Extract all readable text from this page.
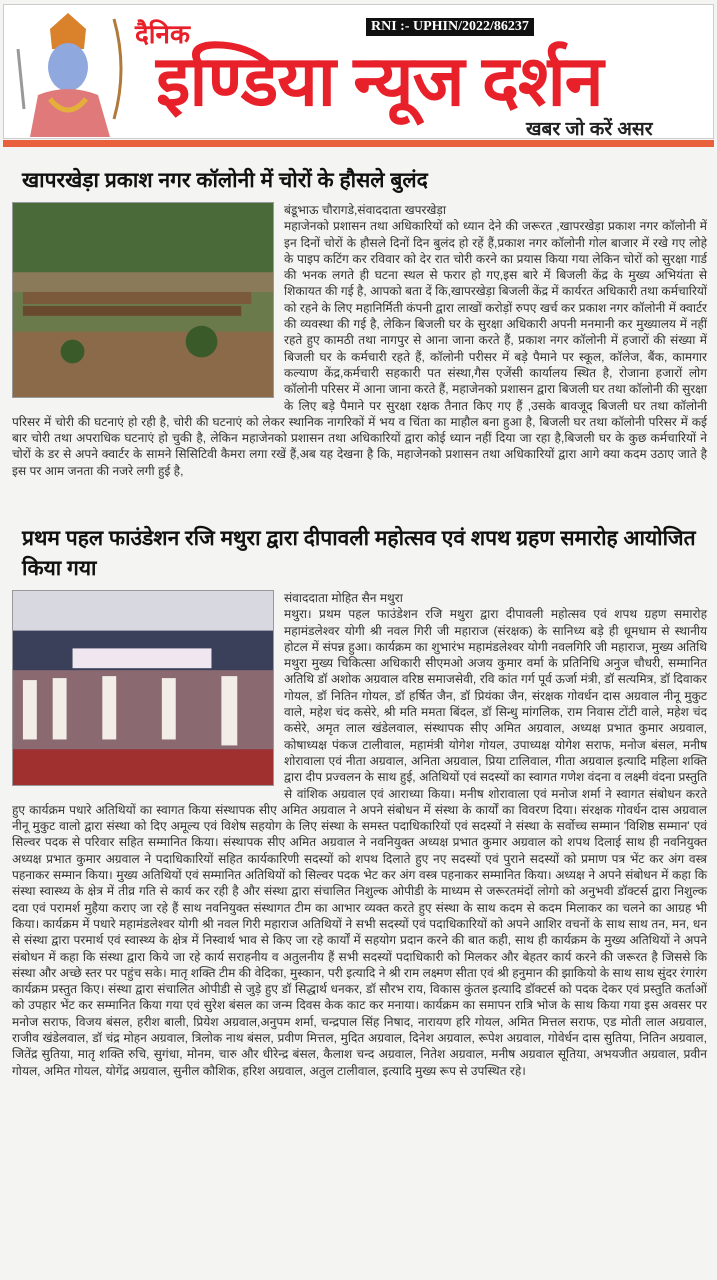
दैनिक	RNI :- UPHIN/2022/86237
इण्डिया न्यूज दर्शन
खबर जो करें असर
खापरखेड़ा प्रकाश नगर कॉलोनी में चोरों के हौसले बुलंद

बंडूभाऊ चौरागडे,संवाददाता खपरखेड़ा
महाजेनको प्रशासन तथा अधिकारियों को ध्यान देने की जरूरत ,खापरखेड़ा प्रकाश नगर कॉलोनी में इन दिनों चोरों के हौसले दिनों दिन बुलंद हो रहें हैं,प्रकाश नगर कॉलोनी गोल बाजार में रखे गए लोहे के पाइप कटिंग कर रविवार को देर रात चोरी करने का प्रयास किया गया लेकिन चोरों को सुरक्षा गार्ड की भनक लगते ही घटना स्थल से फरार हो गए,इस बारे में बिजली केंद्र के मुख्य अभियंता से शिकायत की गई है, आपको बता दें कि,खापरखेड़ा बिजली केंद्र में कार्यरत अधिकारी तथा कर्मचारियों को रहने के लिए महानिर्मिती कंपनी द्वारा लाखों करोड़ों रुपए खर्च कर प्रकाश नगर कॉलोनी में क्वार्टर की व्यवस्था की गई है, लेकिन बिजली घर के सुरक्षा अधिकारी अपनी मनमानी कर मुख्यालय में नहीं रहते हुए कामठी तथा नागपुर से आना जाना करते हैं, प्रकाश नगर कॉलोनी में हजारों की संख्या में बिजली घर के कर्मचारी रहते हैं, कॉलोनी परीसर में बड़े पैमाने पर स्कूल, कॉलेज, बैंक, कामगार कल्याण केंद्र,कर्मचारी सहकारी पत संस्था,गैस एजेंसी कार्यालय स्थित है, रोजाना हजारों लोग कॉलोनी परिसर में आना जाना करते हैं, महाजेनको प्रशासन द्वारा बिजली घर तथा कॉलोनी की सुरक्षा के लिए बड़े पैमाने पर सुरक्षा रक्षक तैनात किए गए हैं ,उसके बावजूद बिजली घर तथा कॉलोनी परिसर में चोरी की घटनाएं हो रही है, चोरी की घटनाएं को लेकर स्थानिक नागरिकों में भय व चिंता का माहौल बना हुआ है, बिजली घर तथा कॉलोनी परिसर में कई बार चोरी तथा अपराधिक घटनाएं हो चुकी है, लेकिन महाजेनको प्रशासन तथा अधिकारियों द्वारा कोई ध्यान नहीं दिया जा रहा है,बिजली घर के कुछ कर्मचारियों ने चोरों के डर से अपने क्वार्टर के सामने सिसिटिवी कैमरा लगा रखें हैं,अब यह देखना है कि, महाजेनको प्रशासन तथा अधिकारियों द्वारा आगे क्या कदम उठाए जाते है इस पर आम जनता की नजरे लगी हुई है,

प्रथम पहल फाउंडेशन रजि मथुरा द्वारा दीपावली महोत्सव एवं शपथ ग्रहण समारोह आयोजित किया गया

संवाददाता मोहित सैन मथुरा
मथुरा। प्रथम पहल फाउंडेशन रजि मथुरा द्वारा दीपावली महोत्सव एवं शपथ ग्रहण समारोह महामंडलेश्वर योगी श्री नवल गिरी जी महाराज (संरक्षक) के सानिध्य बड़े ही धूमधाम से स्थानीय होटल में संपन्न हुआ। कार्यक्रम का शुभारंभ महामंडलेश्वर योगी नवलगिरि जी महाराज, मुख्य अतिथि मथुरा मुख्य चिकित्सा अधिकारी सीएमओ अजय कुमार वर्मा के प्रतिनिधि अनुज चौधरी, सम्मानित अतिथि डॉ अशोक अग्रवाल वरिष्ठ समाजसेवी, रवि कांत गर्ग पूर्व ऊर्जा मंत्री, डॉ सत्यमित्र, डॉ दिवाकर गोयल, डॉ नितिन गोयल, डॉ हर्षित जैन, डॉ प्रियंका जैन, संरक्षक गोवर्धन दास अग्रवाल नीनू मुकुट वाले, महेश चंद कसेरे, श्री मति ममता बिंदल, डॉ सिन्धु मांगलिक, राम निवास टोंटी वाले, महेश चंद कसेरे, अमृत लाल खंडेलवाल, संस्थापक सीए अमित अग्रवाल, अध्यक्ष प्रभात कुमार अग्रवाल, कोषाध्यक्ष पंकज टालीवाल, महामंत्री योगेश गोयल, उपाध्यक्ष योगेश सराफ, मनोज बंसल, मनीष शोरावाला एवं नीता अग्रवाल, अनिता अग्रवाल, प्रिया टालिवाल, गीता अग्रवाल इत्यादि महिला शक्ति द्वारा दीप प्रज्वलन के साथ हुई, अतिथियों एवं सदस्यों का स्वागत गणेश वंदना व लक्ष्मी वंदना प्रस्तुति से वांशिक अग्रवाल एवं आराध्या किया। मनीष शोरावाला एवं मनोज शर्मा ने स्वागत संबोधन करते हुए कार्यक्रम पधारे अतिथियों का स्वागत किया संस्थापक सीए अमित अग्रवाल ने अपने संबोधन में संस्था के कार्यों का विवरण दिया। संरक्षक गोवर्धन दास अग्रवाल नीनू मुकुट वालो द्वारा संस्था को दिए अमूल्य एवं विशेष सहयोग के लिए संस्था के समस्त पदाधिकारियों एवं सदस्यों ने संस्था के सर्वोच्च सम्मान 'विशिष्ठ सम्मान' एवं सिल्वर पदक से परिवार सहित सम्मानित किया। संस्थापक सीए अमित अग्रवाल ने नवनियुक्त अध्यक्ष प्रभात कुमार अग्रवाल को शपथ दिलाई साथ ही नवनियुक्त अध्यक्ष प्रभात कुमार अग्रवाल ने पदाधिकारियों सहित कार्यकारिणी सदस्यों को शपथ दिलाते हुए नए सदस्यों एवं पुराने सदस्यों को प्रमाण पत्र भेंट कर अंग वस्त्र पहनाकर सम्मान किया। मुख्य अतिथियों एवं सम्मानित अतिथियों को सिल्वर पदक भेट कर अंग वस्त्र पहनाकर सम्मानित किया। अध्यक्ष ने अपने संबोधन में कहा कि संस्था स्वास्थ्य के क्षेत्र में तीव्र गति से कार्य कर रही है और संस्था द्वारा संचालित निशुल्क ओपीडी के माध्यम से जरूरतमंदों लोगो को अनुभवी डॉक्टर्स द्वारा निशुल्क दवा एवं परामर्श मुहैया कराए जा रहे हैं साथ नवनियुक्त संस्थागत टीम का आभार व्यक्त करते हुए संस्था के साथ कदम से कदम मिलाकर का चलने का आग्रह भी किया। कार्यक्रम में पधारे महामंडलेश्वर योगी श्री नवल गिरी महाराज अतिथियों ने सभी सदस्यों एवं पदाधिकारियों को अपने आशिर वचनों के साथ साथ तन, मन, धन से संस्था द्वारा परमार्थ एवं स्वास्थ्य के क्षेत्र में निस्वार्थ भाव से किए जा रहे कार्यों में सहयोग प्रदान करने की बात कही, साथ ही कार्यक्रम के मुख्य अतिथियों ने अपने संबोधन में कहा कि संस्था द्वारा किये जा रहे कार्य सराहनीय व अतुलनीय हैं सभी सदस्यों पदाधिकारी को मिलकर और बेहतर कार्य करने की जरूरत है जिससे कि संस्था और अच्छे स्तर पर पहुंच सके। मातृ शक्ति टीम की वेदिका, मुस्कान, परी इत्यादि ने श्री राम लक्ष्मण सीता एवं श्री हनुमान की झाकियो के साथ साथ सुंदर रंगारंग कार्यक्रम प्रस्तुत किए। संस्था द्वारा संचालित ओपीडी से जुड़े हुए डॉ सिद्धार्थ धनकर, डॉ सौरभ राय, विकास कुंतल इत्यादि डॉक्टर्स को पदक देकर एवं प्रस्तुति कर्ताओं को उपहार भेंट कर सम्मानित किया गया एवं सुरेश बंसल का जन्म दिवस केक काट कर मनाया। कार्यक्रम का समापन रात्रि भोज के साथ किया गया इस अवसर पर मनोज सराफ, विजय बंसल, हरीश बाली, प्रियेश अग्रवाल,अनुपम शर्मा, चन्द्रपाल सिंह निषाद, नारायण हरि गोयल, अमित मित्तल सराफ, एड मोती लाल अग्रवाल, राजीव खंडेलवाल, डॉ चंद्र मोहन अग्रवाल, त्रिलोक नाथ बंसल, प्रवीण मित्तल, मुदित अग्रवाल, दिनेश अग्रवाल, रूपेश अग्रवाल, गोवेर्धन दास सुतिया, नितिन अग्रवाल, जितेंद्र सुतिया, मातृ शक्ति रुचि, सुगंधा, मोनम, चारु और धीरेन्द्र बंसल, कैलाश चन्द अग्रवाल, नितेश अग्रवाल, मनीष अग्रवाल सूतिया, अभयजीत अग्रवाल, प्रवीन गोयल, अमित गोयल, योगेंद्र अग्रवाल, सुनील कौशिक, हरिश अग्रवाल, अतुल टालीवाल, इत्यादि मुख्य रूप से उपस्थित रहे।
